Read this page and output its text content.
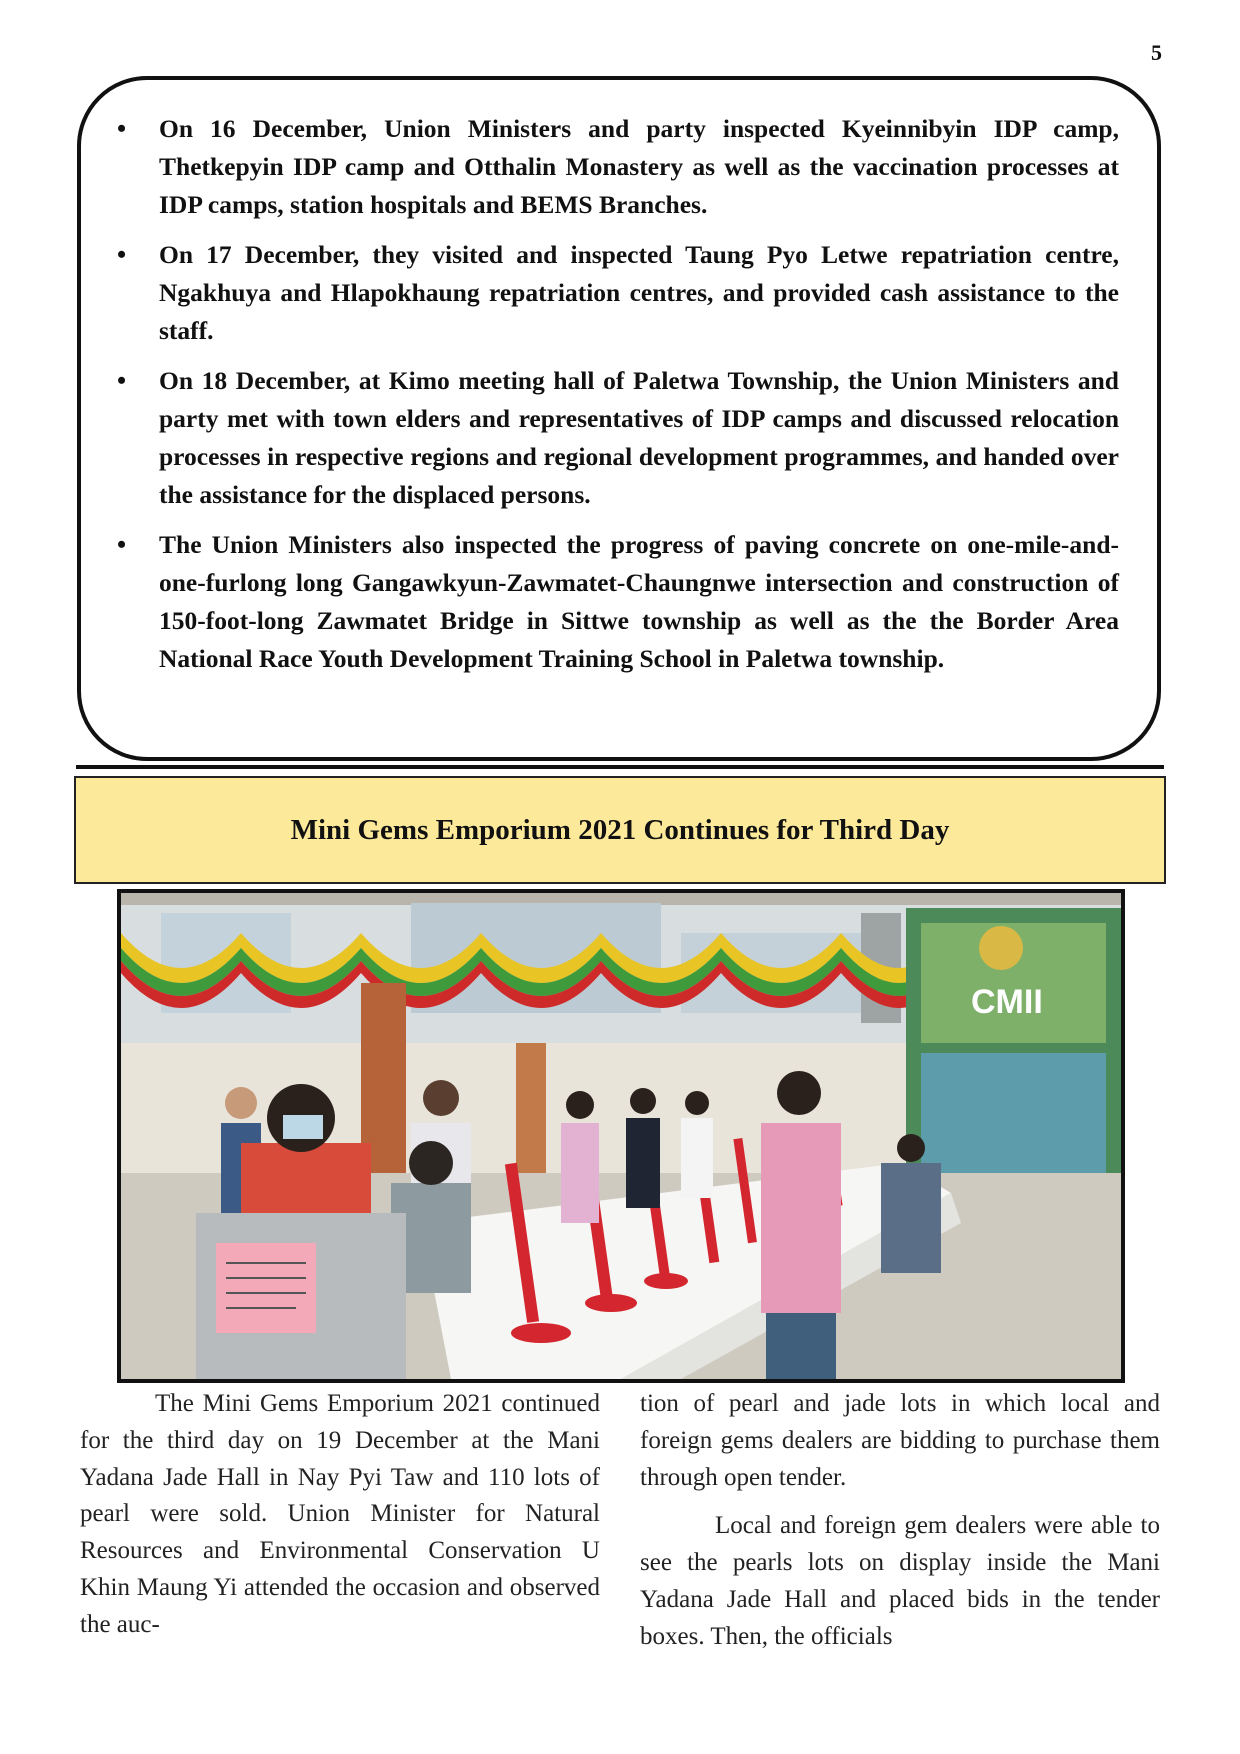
5
• On 16 December, Union Ministers and party inspected Kyeinnibyin IDP camp, Thetkepyin IDP camp and Otthalin Monastery as well as the vaccination processes at IDP camps, station hospitals and BEMS Branches.
• On 17 December, they visited and inspected Taung Pyo Letwe repatriation centre, Ngakhuya and Hlapokhaung repatriation centres, and provided cash assistance to the staff.
• On 18 December, at Kimo meeting hall of Paletwa Township, the Union Ministers and party met with town elders and representatives of IDP camps and discussed relocation processes in respective regions and regional development programmes, and handed over the assistance for the displaced persons.
• The Union Ministers also inspected the progress of paving concrete on one-mile-and-one-furlong long Gangawkyun-Zawmatet-Chaungnwe intersection and construction of 150-foot-long Zawmatet Bridge in Sittwe township as well as the the Border Area National Race Youth Development Training School in Paletwa township.
Mini Gems Emporium 2021 Continues for Third Day
CMII

The Mini Gems Emporium 2021 continued for the third day on 19 December at the Mani Yadana Jade Hall in Nay Pyi Taw and 110 lots of pearl were sold. Union Minister for Natural Resources and Environmental Conservation U Khin Maung Yi attended the occasion and observed the auc-

tion of pearl and jade lots in which local and foreign gems dealers are bidding to purchase them through open tender.

Local and foreign gem dealers were able to see the pearls lots on display inside the Mani Yadana Jade Hall and placed bids in the tender boxes. Then, the officials
